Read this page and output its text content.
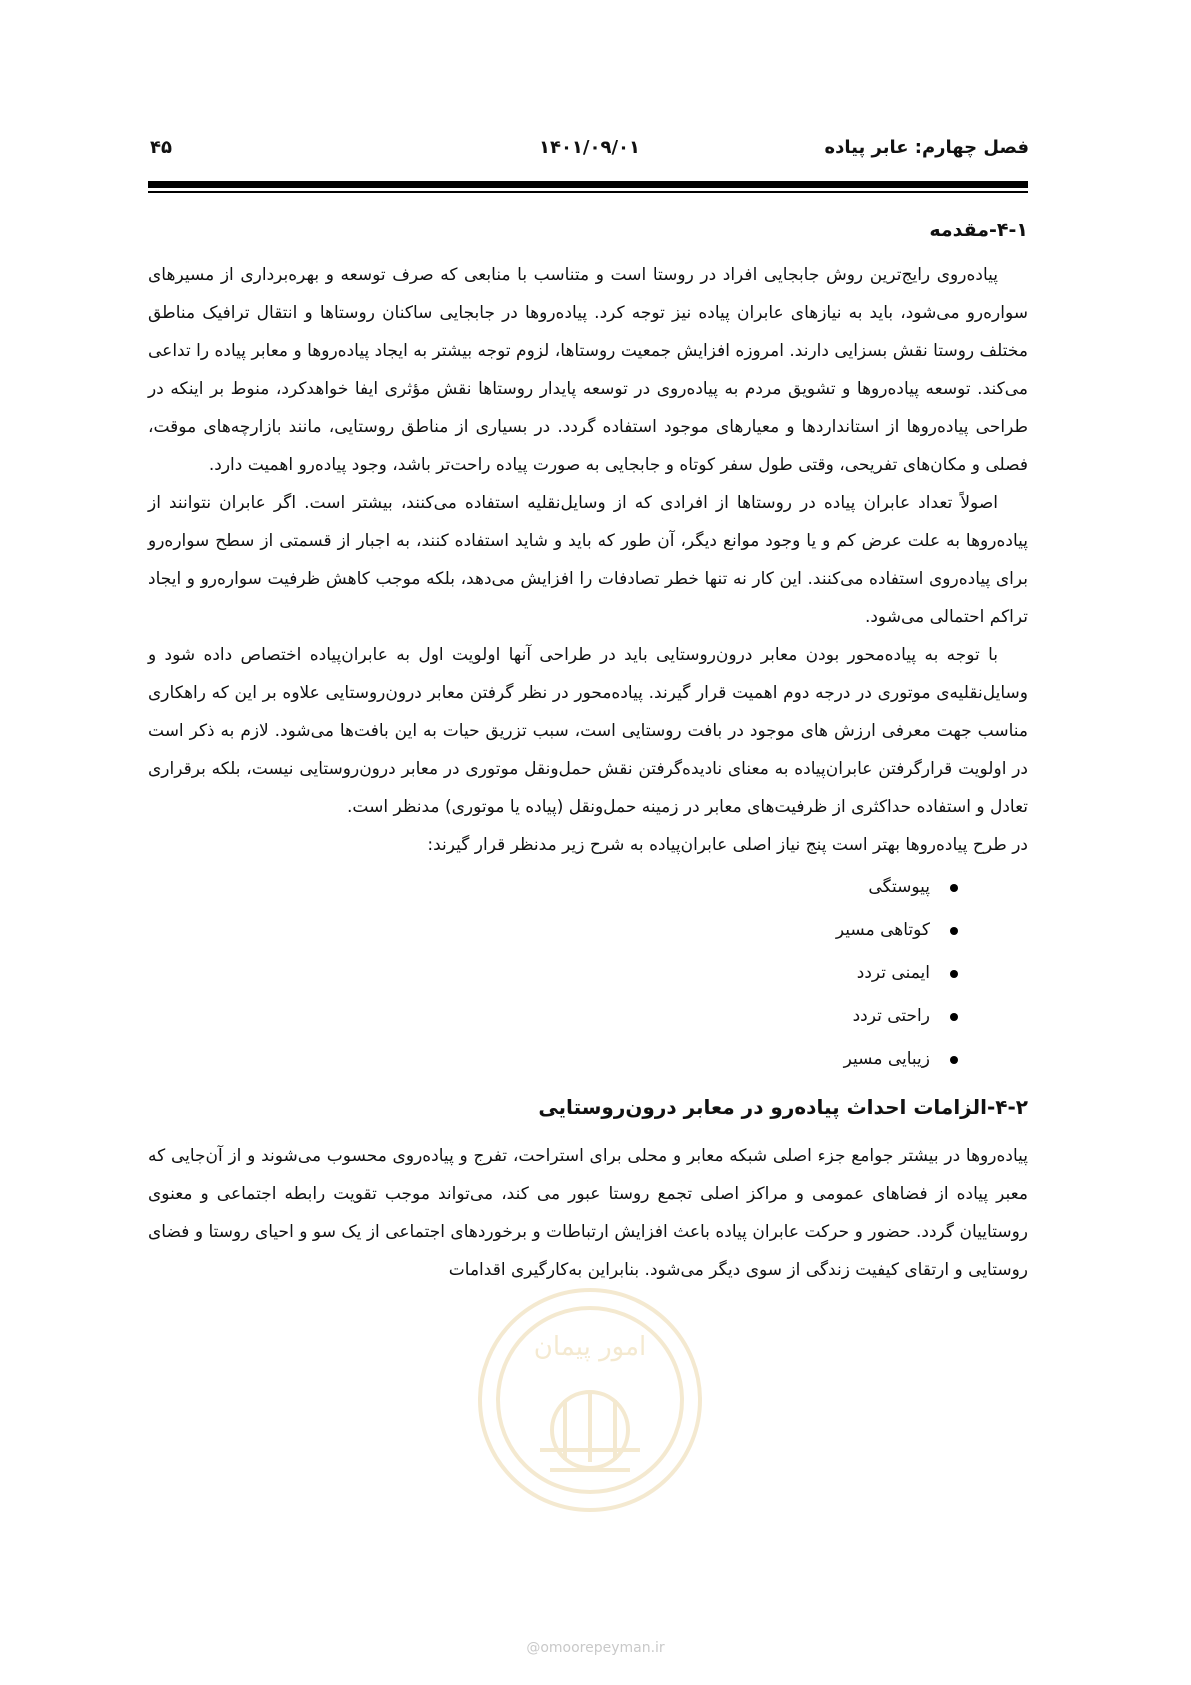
فصل چهارم: عابر پیاده
۱۴۰۱/۰۹/۰۱
۴۵
۴-۱-مقدمه

پیاده‌روی رایج‌ترین روش جابجایی افراد در روستا است و متناسب با منابعی که صرف توسعه و بهره‌برداری از مسیرهای سواره‌رو می‌شود، باید به نیازهای عابران پیاده نیز توجه کرد. پیاده‌روها در جابجایی ساکنان روستاها و انتقال ترافیک مناطق مختلف روستا نقش بسزایی دارند. امروزه افزایش جمعیت روستاها، لزوم توجه بیشتر به ایجاد پیاده‌روها و معابر پیاده را تداعی می‌کند. توسعه پیاده‌روها و تشویق مردم به پیاده‌روی در توسعه پایدار روستاها نقش مؤثری ایفا خواهدکرد، منوط بر اینکه در طراحی پیاده‌روها از استانداردها و معیارهای موجود استفاده گردد. در بسیاری از مناطق روستایی، مانند بازارچه‌های موقت، فصلی و مکان‌های تفریحی، وقتی طول سفر کوتاه و جابجایی به صورت پیاده راحت‌تر باشد، وجود پیاده‌رو اهمیت دارد.

اصولاً تعداد عابران پیاده در روستاها از افرادی که از وسایل‌نقلیه استفاده می‌کنند، بیشتر است. اگر عابران نتوانند از پیاده‌روها به علت عرض کم و یا وجود موانع دیگر، آن طور که باید و شاید استفاده کنند، به اجبار از قسمتی از سطح سواره‌رو برای پیاده‌روی استفاده می‌کنند. این کار نه تنها خطر تصادفات را افزایش می‌دهد، بلکه موجب کاهش ظرفیت سواره‌رو و ایجاد تراکم احتمالی می‌شود.

با توجه به پیاده‌محور بودن معابر درون‌روستایی باید در طراحی آنها اولویت اول به عابران‌پیاده اختصاص داده شود و وسایل‌نقلیه‌ی موتوری در درجه دوم اهمیت قرار گیرند. پیاده‌محور در نظر گرفتن معابر درون‌روستایی علاوه بر این که راهکاری مناسب جهت معرفی ارزش های موجود در بافت روستایی است، سبب تزریق حیات به این بافت‌ها می‌شود. لازم به ذکر است در اولویت قرارگرفتن عابران‌پیاده به معنای نادیده‌گرفتن نقش حمل‌ونقل موتوری در معابر درون‌روستایی نیست، بلکه برقراری تعادل و استفاده حداکثری از ظرفیت‌های معابر در زمینه حمل‌ونقل (پیاده یا موتوری) مدنظر است.

در طرح پیاده‌روها بهتر است پنج نیاز اصلی عابران‌پیاده به شرح زیر مدنظر قرار گیرند:

پیوستگی
کوتاهی مسیر
ایمنی تردد
راحتی تردد
زیبایی مسیر
۴-۲-الزامات احداث پیاده‌رو در معابر درون‌روستایی

پیاده‌روها در بیشتر جوامع جزء اصلی شبکه معابر و محلی برای استراحت، تفرج و پیاده‌روی محسوب می‌شوند و از آن‌جایی که معبر پیاده از فضاهای عمومی و مراکز اصلی تجمع روستا عبور می کند، می‌تواند موجب تقویت رابطه اجتماعی و معنوی روستاییان گردد. حضور و حرکت عابران پیاده باعث افزایش ارتباطات و برخوردهای اجتماعی از یک سو و احیای روستا و فضای روستایی و ارتقای کیفیت زندگی از سوی دیگر می‌شود. بنابراین به‌کارگیری اقدامات

امور پیمان
@omoorepeyman.ir
